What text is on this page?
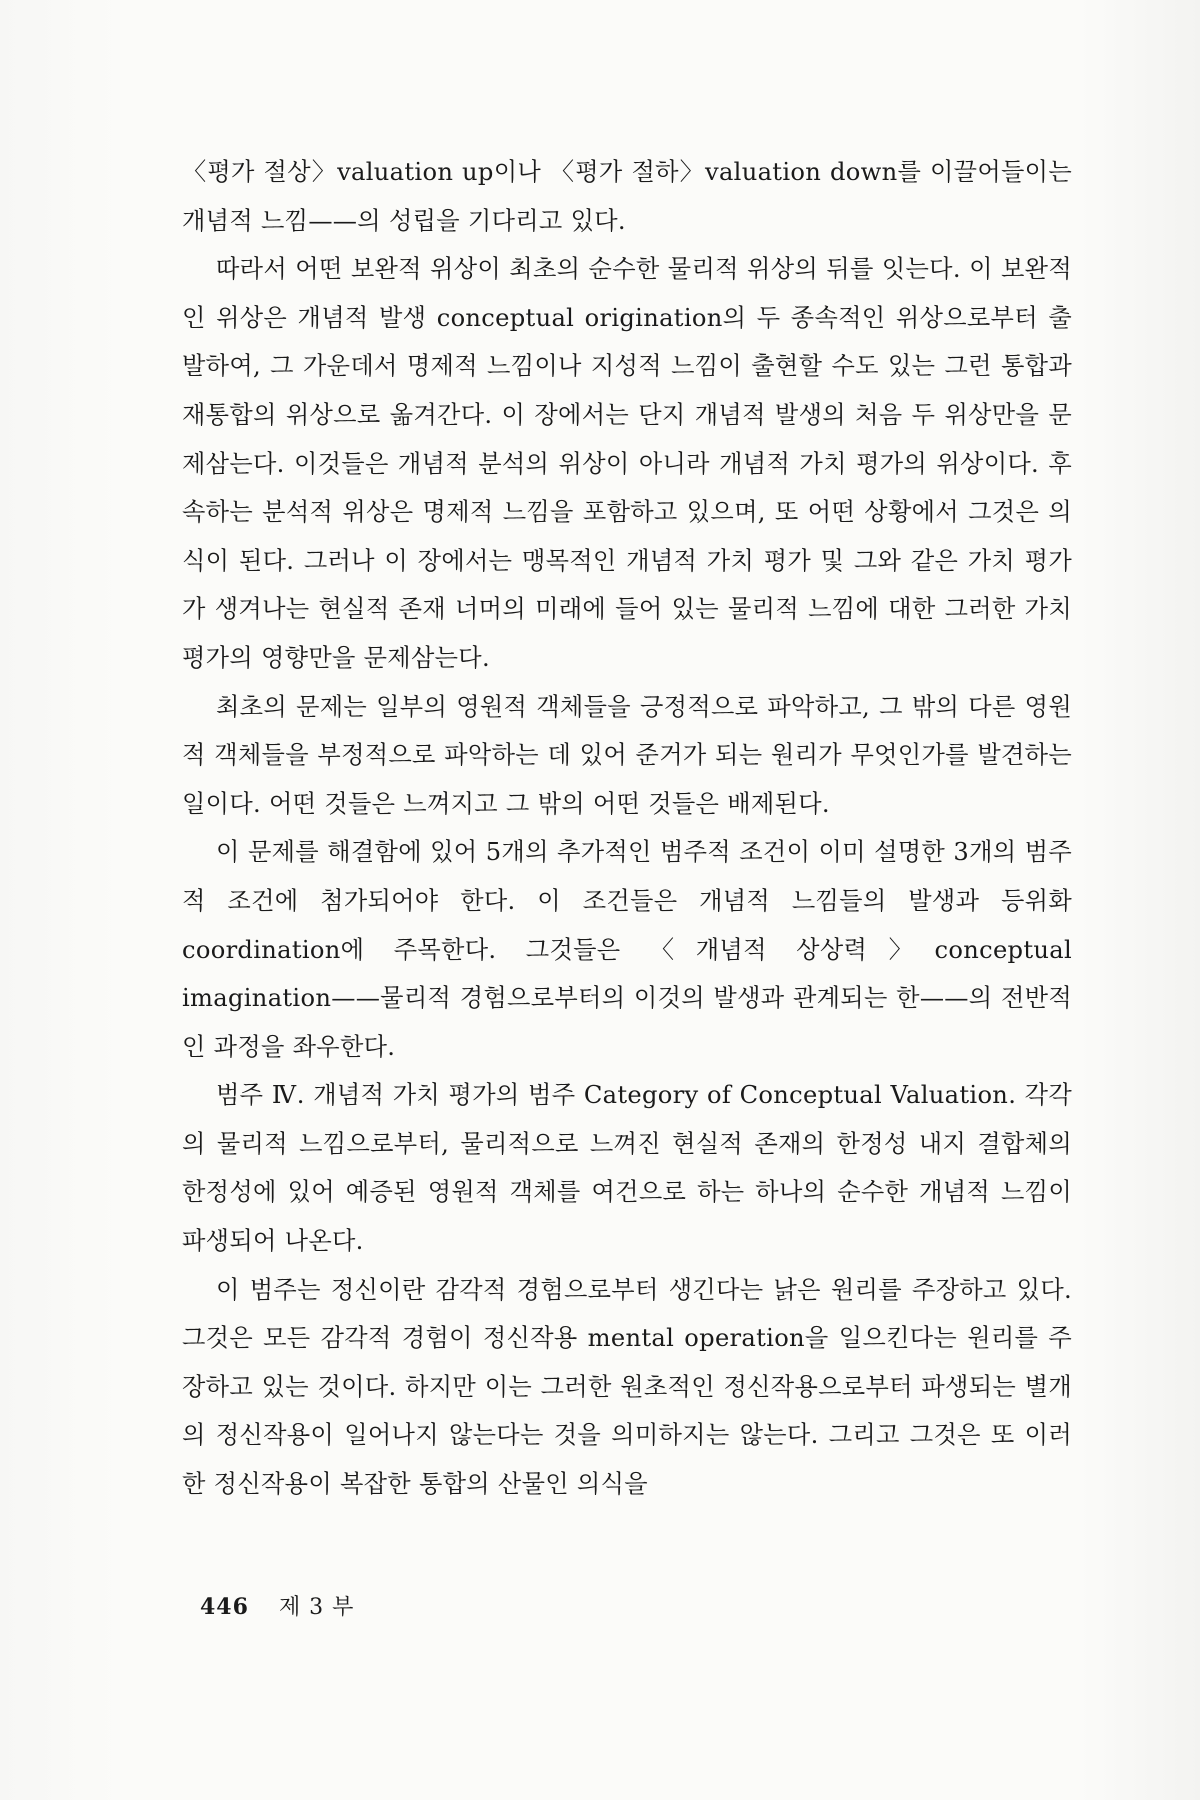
〈평가 절상〉valuation up이나 〈평가 절하〉valuation down를 이끌어들이는 개념적 느낌——의 성립을 기다리고 있다.

따라서 어떤 보완적 위상이 최초의 순수한 물리적 위상의 뒤를 잇는다. 이 보완적인 위상은 개념적 발생 conceptual origination의 두 종속적인 위상으로부터 출발하여, 그 가운데서 명제적 느낌이나 지성적 느낌이 출현할 수도 있는 그런 통합과 재통합의 위상으로 옮겨간다. 이 장에서는 단지 개념적 발생의 처음 두 위상만을 문제삼는다. 이것들은 개념적 분석의 위상이 아니라 개념적 가치 평가의 위상이다. 후속하는 분석적 위상은 명제적 느낌을 포함하고 있으며, 또 어떤 상황에서 그것은 의식이 된다. 그러나 이 장에서는 맹목적인 개념적 가치 평가 및 그와 같은 가치 평가가 생겨나는 현실적 존재 너머의 미래에 들어 있는 물리적 느낌에 대한 그러한 가치 평가의 영향만을 문제삼는다.

최초의 문제는 일부의 영원적 객체들을 긍정적으로 파악하고, 그 밖의 다른 영원적 객체들을 부정적으로 파악하는 데 있어 준거가 되는 원리가 무엇인가를 발견하는 일이다. 어떤 것들은 느껴지고 그 밖의 어떤 것들은 배제된다.

이 문제를 해결함에 있어 5개의 추가적인 범주적 조건이 이미 설명한 3개의 범주적 조건에 첨가되어야 한다. 이 조건들은 개념적 느낌들의 발생과 등위화 coordination에 주목한다. 그것들은 〈개념적 상상력〉conceptual imagination——물리적 경험으로부터의 이것의 발생과 관계되는 한——의 전반적인 과정을 좌우한다.

범주 Ⅳ. 개념적 가치 평가의 범주 Category of Conceptual Valuation. 각각의 물리적 느낌으로부터, 물리적으로 느껴진 현실적 존재의 한정성 내지 결합체의 한정성에 있어 예증된 영원적 객체를 여건으로 하는 하나의 순수한 개념적 느낌이 파생되어 나온다.

이 범주는 정신이란 감각적 경험으로부터 생긴다는 낡은 원리를 주장하고 있다. 그것은 모든 감각적 경험이 정신작용 mental operation을 일으킨다는 원리를 주장하고 있는 것이다. 하지만 이는 그러한 원초적인 정신작용으로부터 파생되는 별개의 정신작용이 일어나지 않는다는 것을 의미하지는 않는다. 그리고 그것은 또 이러한 정신작용이 복잡한 통합의 산물인 의식을

446 제 3 부
